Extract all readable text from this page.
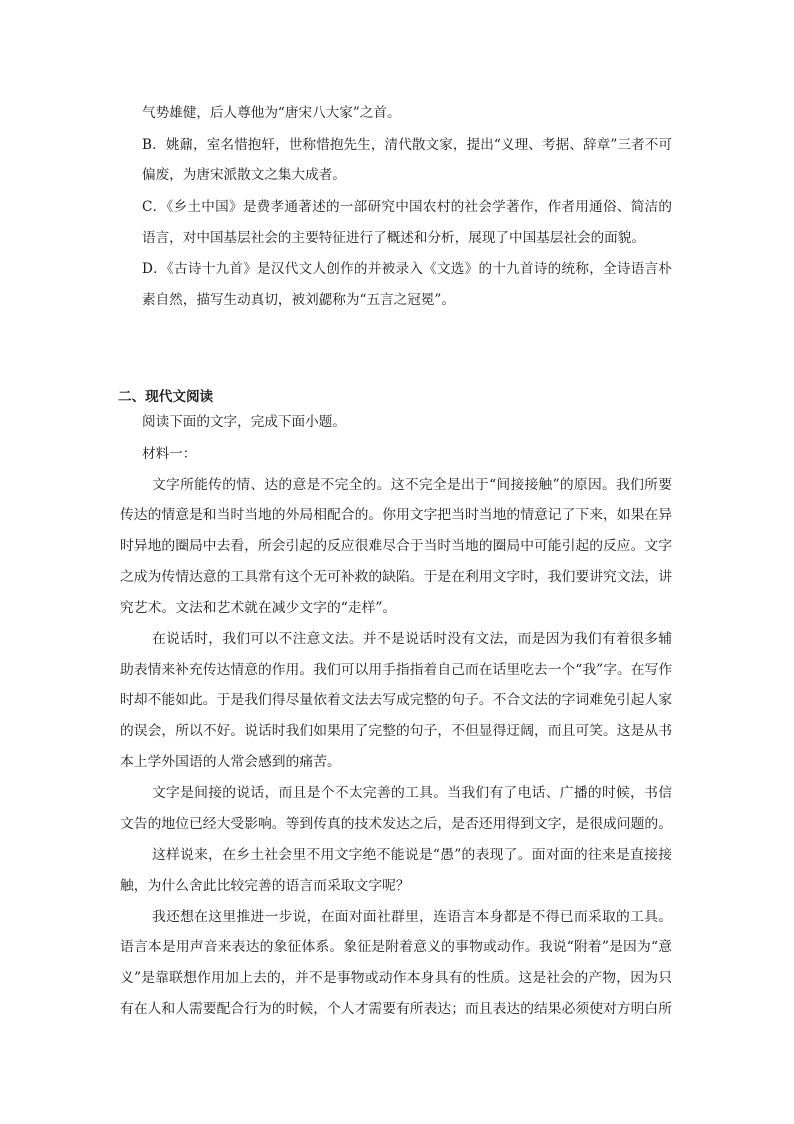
气势雄健，后人尊他为“唐宋八大家”之首。
B．姚鼐，室名惜抱轩，世称惜抱先生，清代散文家，提出“义理、考据、辞章”三者不可
偏废，为唐宋派散文之集大成者。
C．《乡土中国》是费孝通著述的一部研究中国农村的社会学著作，作者用通俗、简洁的
语言，对中国基层社会的主要特征进行了概述和分析，展现了中国基层社会的面貌。
D．《古诗十九首》是汉代文人创作的并被录入《文选》的十九首诗的统称，全诗语言朴
素自然，描写生动真切，被刘勰称为“五言之冠冕”。
二、现代文阅读
阅读下面的文字，完成下面小题。
材料一：
文字所能传的情、达的意是不完全的。这不完全是出于“间接接触”的原因。我们所要
传达的情意是和当时当地的外局相配合的。你用文字把当时当地的情意记了下来，如果在异
时异地的圈局中去看，所会引起的反应很难尽合于当时当地的圈局中可能引起的反应。文字
之成为传情达意的工具常有这个无可补救的缺陷。于是在利用文字时，我们要讲究文法，讲
究艺术。文法和艺术就在减少文字的“走样”。
在说话时，我们可以不注意文法。并不是说话时没有文法，而是因为我们有着很多辅
助表情来补充传达情意的作用。我们可以用手指指着自己而在话里吃去一个“我”字。在写作
时却不能如此。于是我们得尽量依着文法去写成完整的句子。不合文法的字词难免引起人家
的误会，所以不好。说话时我们如果用了完整的句子，不但显得迂阔，而且可笑。这是从书
本上学外国语的人常会感到的痛苦。
文字是间接的说话，而且是个不太完善的工具。当我们有了电话、广播的时候，书信
文告的地位已经大受影响。等到传真的技术发达之后，是否还用得到文字，是很成问题的。
这样说来，在乡土社会里不用文字绝不能说是“愚”的表现了。面对面的往来是直接接
触，为什么舍此比较完善的语言而采取文字呢？
我还想在这里推进一步说，在面对面社群里，连语言本身都是不得已而采取的工具。
语言本是用声音来表达的象征体系。象征是附着意义的事物或动作。我说“附着”是因为“意
义”是靠联想作用加上去的，并不是事物或动作本身具有的性质。这是社会的产物，因为只
有在人和人需要配合行为的时候，个人才需要有所表达；而且表达的结果必须使对方明白所
